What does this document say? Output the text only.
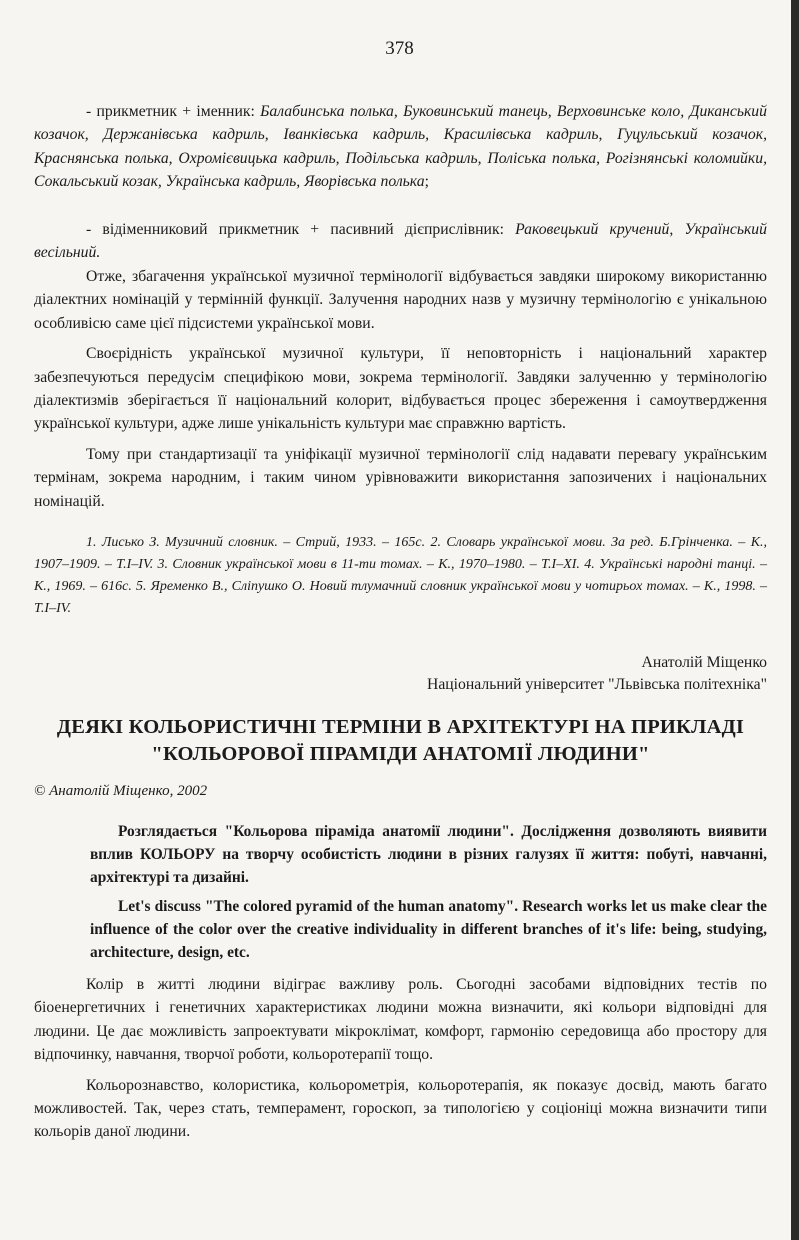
378

- прикметник + іменник: Балабинська полька, Буковинський танець, Верховинське коло, Диканський козачок, Держанівська кадриль, Іванківська кадриль, Красилівська кадриль, Гуцульський козачок, Краснянська полька, Охромієвицька кадриль, Подільська кадриль, Поліська полька, Рогізнянські коломийки, Сокальський козак, Українська кадриль, Яворівська полька;

- відіменниковий прикметник + пасивний дієприслівник: Раковецький кручений, Український весільний.

Отже, збагачення української музичної термінології відбувається завдяки широкому використанню діалектних номінацій у термінній функції. Залучення народних назв у музичну термінологію є унікальною особливісю саме цієї підсистеми української мови.

Своєрідність української музичної культури, її неповторність і національний характер забезпечуються передусім специфікою мови, зокрема термінології. Завдяки залученню у термінологію діалектизмів зберігається її національний колорит, відбувається процес збереження і самоутвердження української культури, адже лише унікальність культури має справжню вартість.

Тому при стандартизації та уніфікації музичної термінології слід надавати перевагу українським термінам, зокрема народним, і таким чином урівноважити використання запозичених і національних номінацій.

1. Лисько З. Музичний словник. – Стрий, 1933. – 165с. 2. Словарь украïнськоï мови. За ред. Б.Грінченка. – К., 1907–1909. – Т.І–IV. 3. Словник украïнськоï мови в 11-ти томах. – К., 1970–1980. – Т.І–ХІ. 4. Українські народні танці. – К., 1969. – 616с. 5. Яременко В., Сліпушко О. Новий тлумачний словник української мови у чотирьох томах. – К., 1998. – Т.І–IV.

Анатолій Міщенко

Національний університет "Львівська політехніка"

ДЕЯКІ КОЛЬОРИСТИЧНІ ТЕРМІНИ В АРХІТЕКТУРІ НА ПРИКЛАДІ

"КОЛЬОРОВОЇ ПІРАМІДИ АНАТОМІЇ ЛЮДИНИ"

© Анатолій Міщенко, 2002

Розглядається "Кольорова піраміда анатомії людини". Дослідження дозволяють виявити вплив КОЛЬОРУ на творчу особистість людини в різних галузях її життя: побуті, навчанні, архітектурі та дизайні.

Let's discuss "The colored pyramid of the human anatomy". Research works let us make clear the influence of the color over the creative individuality in different branches of it's life: being, studying, architecture, design, etc.

Колір в житті людини відіграє важливу роль. Сьогодні засобами відповідних тестів по біоенергетичних і генетичних характеристиках людини можна визначити, які кольори відповідні для людини. Це дає можливість запроектувати мікроклімат, комфорт, гармонію середовища або простору для відпочинку, навчання, творчої роботи, кольоротерапії тощо.

Кольорознавство, колористика, кольорометрія, кольоротерапія, як показує досвід, мають багато можливостей. Так, через стать, темперамент, гороскоп, за типологією у соціоніці можна визначити типи кольорів даної людини.
